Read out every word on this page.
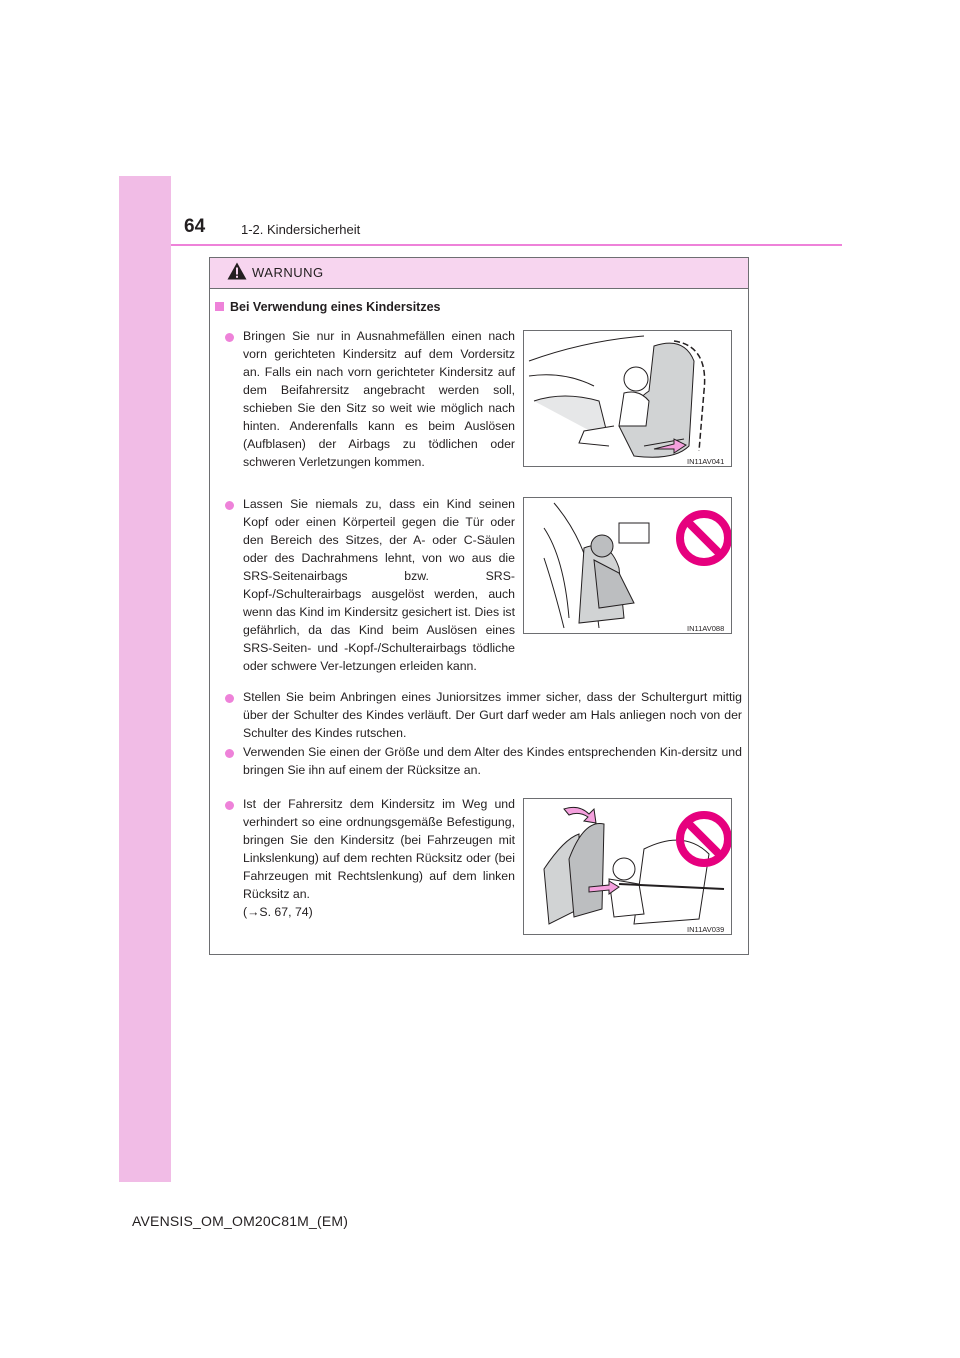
64	1-2. Kindersicherheit
WARNUNG
Bei Verwendung eines Kindersitzes
Bringen Sie nur in Ausnahmefällen einen nach vorn gerichteten Kindersitz auf dem Vordersitz an. Falls ein nach vorn gerichteter Kindersitz auf dem Beifahrersitz angebracht werden soll, schieben Sie den Sitz so weit wie möglich nach hinten. Anderenfalls kann es beim Auslösen (Aufblasen) der Airbags zu tödlichen oder schweren Verletzungen kommen.	IN11AV041
Lassen Sie niemals zu, dass ein Kind seinen Kopf oder einen Körperteil gegen die Tür oder den Bereich des Sitzes, der A- oder C-Säulen oder des Dachrahmens lehnt, von wo aus die SRS-Seitenairbags bzw. SRS-Kopf-/Schulterairbags ausgelöst werden, auch wenn das Kind im Kindersitz gesichert ist. Dies ist gefährlich, da das Kind beim Auslösen eines SRS-Seiten- und -Kopf-/Schulterairbags tödliche oder schwere Ver-letzungen erleiden kann.
IN11AV088
Stellen Sie beim Anbringen eines Juniorsitzes immer sicher, dass der Schultergurt mittig über der Schulter des Kindes verläuft. Der Gurt darf weder am Hals anliegen noch von der Schulter des Kindes rutschen.
Verwenden Sie einen der Größe und dem Alter des Kindes entsprechenden Kin-dersitz und bringen Sie ihn auf einem der Rücksitze an.
Ist der Fahrersitz dem Kindersitz im Weg und verhindert so eine ordnungsgemäße Befestigung, bringen Sie den Kindersitz (bei Fahrzeugen mit Linkslenkung) auf dem rechten Rücksitz oder (bei Fahrzeugen mit Rechtslenkung) auf dem linken Rücksitz an.
(→S. 67, 74)
IN11AV039
AVENSIS_OM_OM20C81M_(EM)
